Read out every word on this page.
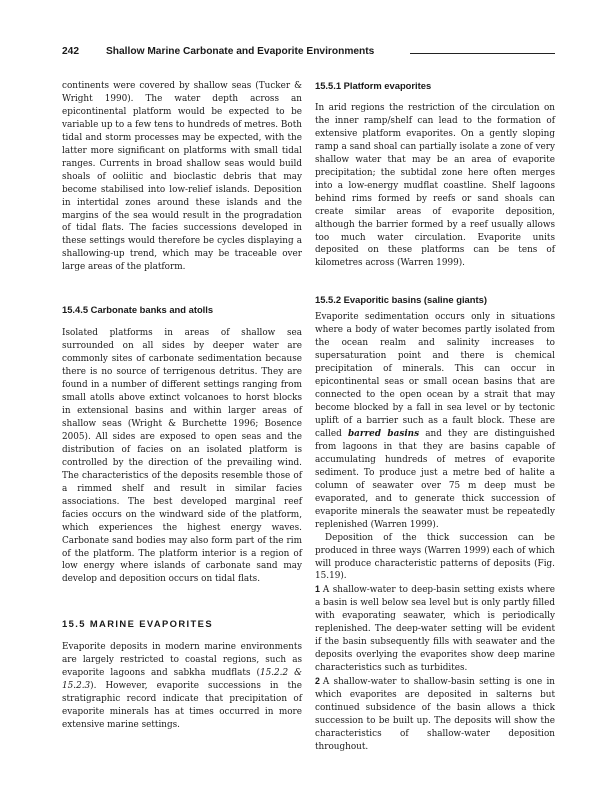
242	Shallow Marine Carbonate and Evaporite Environments

continents were covered by shallow seas (Tucker & Wright 1990). The water depth across an epicontinental platform would be expected to be variable up to a few tens to hundreds of metres. Both tidal and storm processes may be expected, with the latter more significant on platforms with small tidal ranges. Currents in broad shallow seas would build shoals of ooliitic and bioclastic debris that may become stabilised into low-relief islands. Deposition in intertidal zones around these islands and the margins of the sea would result in the progradation of tidal flats. The facies successions developed in these settings would therefore be cycles displaying a shallowing-up trend, which may be traceable over large areas of the platform.

15.4.5 Carbonate banks and atolls

Isolated platforms in areas of shallow sea surrounded on all sides by deeper water are commonly sites of carbonate sedimentation because there is no source of terrigenous detritus. They are found in a number of different settings ranging from small atolls above extinct volcanoes to horst blocks in extensional basins and within larger areas of shallow seas (Wright & Burchette 1996; Bosence 2005). All sides are exposed to open seas and the distribution of facies on an isolated platform is controlled by the direction of the prevailing wind. The characteristics of the deposits resemble those of a rimmed shelf and result in similar facies associations. The best developed marginal reef facies occurs on the windward side of the platform, which experiences the highest energy waves. Carbonate sand bodies may also form part of the rim of the platform. The platform interior is a region of low energy where islands of carbonate sand may develop and deposition occurs on tidal flats.

15.5 MARINE EVAPORITES

Evaporite deposits in modern marine environments are largely restricted to coastal regions, such as evaporite lagoons and sabkha mudflats (15.2.2 & 15.2.3). However, evaporite successions in the stratigraphic record indicate that precipitation of evaporite minerals has at times occurred in more extensive marine settings.

15.5.1 Platform evaporites

In arid regions the restriction of the circulation on the inner ramp/shelf can lead to the formation of extensive platform evaporites. On a gently sloping ramp a sand shoal can partially isolate a zone of very shallow water that may be an area of evaporite precipitation; the subtidal zone here often merges into a low-energy mudflat coastline. Shelf lagoons behind rims formed by reefs or sand shoals can create similar areas of evaporite deposition, although the barrier formed by a reef usually allows too much water circulation. Evaporite units deposited on these platforms can be tens of kilometres across (Warren 1999).

15.5.2 Evaporitic basins (saline giants)

Evaporite sedimentation occurs only in situations where a body of water becomes partly isolated from the ocean realm and salinity increases to supersaturation point and there is chemical precipitation of minerals. This can occur in epicontinental seas or small ocean basins that are connected to the open ocean by a strait that may become blocked by a fall in sea level or by tectonic uplift of a barrier such as a fault block. These are called barred basins and they are distinguished from lagoons in that they are basins capable of accumulating hundreds of metres of evaporite sediment. To produce just a metre bed of halite a column of seawater over 75 m deep must be evaporated, and to generate thick succession of evaporite minerals the seawater must be repeatedly replenished (Warren 1999).

Deposition of the thick succession can be produced in three ways (Warren 1999) each of which will produce characteristic patterns of deposits (Fig. 15.19).

1 A shallow-water to deep-basin setting exists where a basin is well below sea level but is only partly filled with evaporating seawater, which is periodically replenished. The deep-water setting will be evident if the basin subsequently fills with seawater and the deposits overlying the evaporites show deep marine characteristics such as turbidites.

2 A shallow-water to shallow-basin setting is one in which evaporites are deposited in salterns but continued subsidence of the basin allows a thick succession to be built up. The deposits will show the characteristics of shallow-water deposition throughout.
